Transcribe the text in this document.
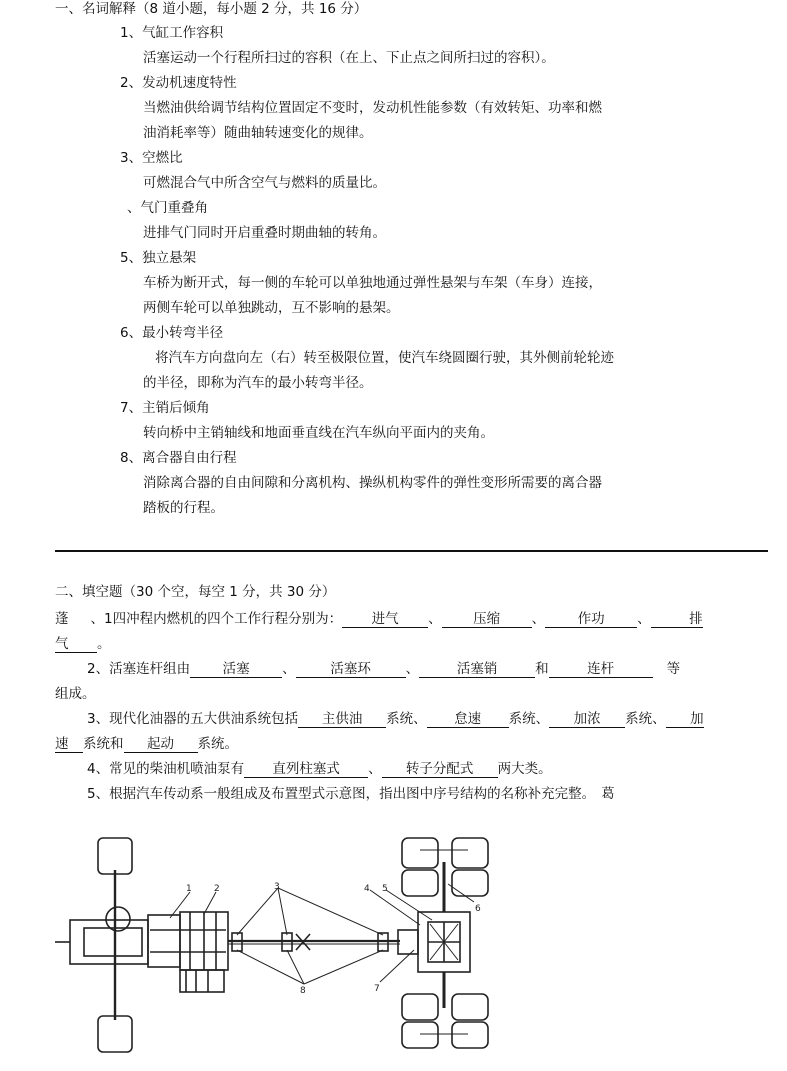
一、名词解释（8 道小题，每小题 2 分，共 16 分）
1、气缸工作容积
活塞运动一个行程所扫过的容积（在上、下止点之间所扫过的容积）。
2、发动机速度特性
当燃油供给调节结构位置固定不变时，发动机性能参数（有效转矩、功率和燃
油消耗率等）随曲轴转速变化的规律。
3、空燃比
可燃混合气中所含空气与燃料的质量比。
、气门重叠角
进排气门同时开启重叠时期曲轴的转角。
5、独立悬架
车桥为断开式，每一侧的车轮可以单独地通过弹性悬架与车架（车身）连接，
两侧车轮可以单独跳动，互不影响的悬架。
6、最小转弯半径
将汽车方向盘向左（右）转至极限位置，使汽车绕圆圈行驶，其外侧前轮轮迹
的半径，即称为汽车的最小转弯半径。
7、主销后倾角
转向桥中主销轴线和地面垂直线在汽车纵向平面内的夹角。
8、离合器自由行程
消除离合器的自由间隙和分离机构、操纵机构零件的弹性变形所需要的离合器
踏板的行程。
二、填空题（30 个空，每空 1 分，共 30 分）
蓬 、1四冲程内燃机的四个工作行程分别为： 进气 、 压缩 、 作功 、	排
气 。
2、活塞连杆组由 活塞 、	活塞环	、	活塞销	和	连杆	等
组成。
3、现代化油器的五大供油系统包括 主供油 系统、 怠速 系统、 加浓 系统、 加
速 系统和 起动 系统。
4、常见的柴油机喷油泵有 直列柱塞式 、 转子分配式 两大类。
5、根据汽车传动系一般组成及布置型式示意图，指出图中序号结构的名称补充完整。 葛
1 2	3	4 5
6
7
8
